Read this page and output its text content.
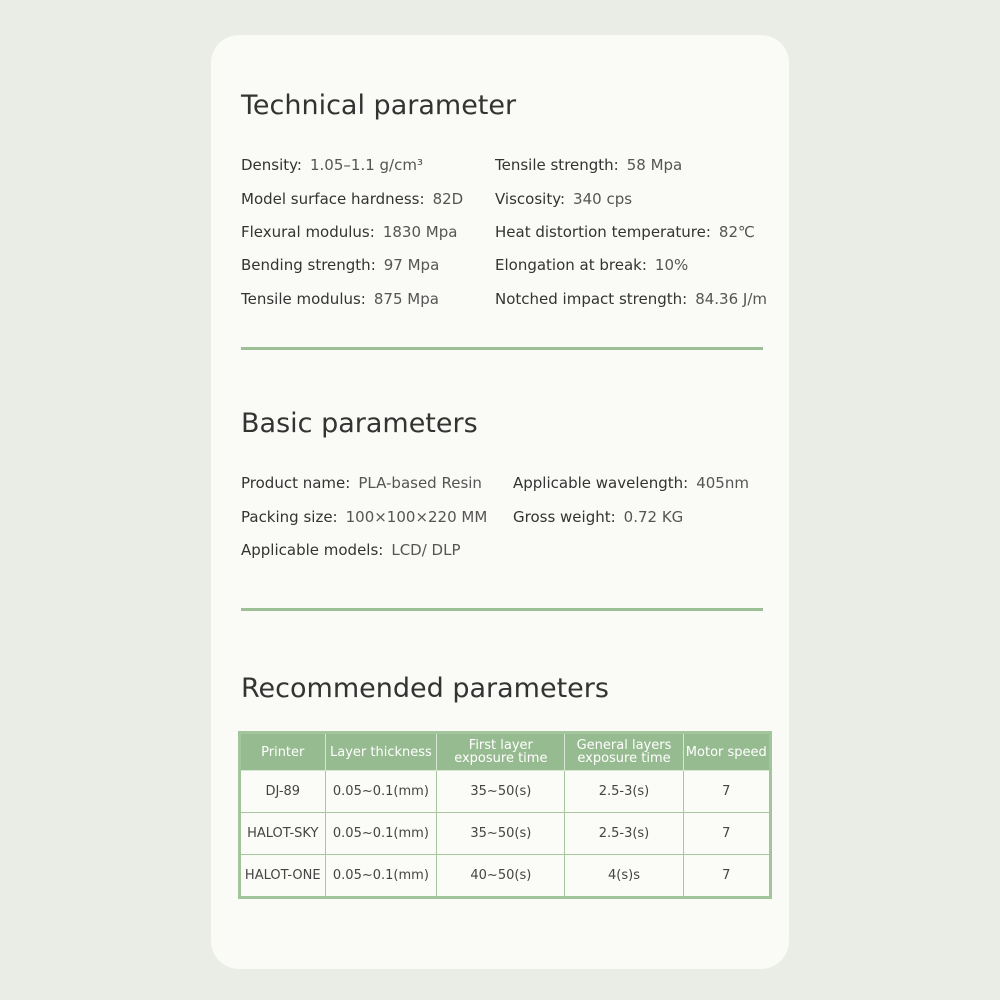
Technical parameter
Density: 1.05–1.1 g/cm³
Model surface hardness: 82D
Flexural modulus: 1830 Mpa
Bending strength: 97 Mpa
Tensile modulus: 875 Mpa
Tensile strength: 58 Mpa
Viscosity: 340 cps
Heat distortion temperature: 82℃
Elongation at break: 10%
Notched impact strength: 84.36 J/m
Basic parameters
Product name: PLA-based Resin
Packing size: 100×100×220 MM
Applicable models: LCD/ DLP
Applicable wavelength: 405nm
Gross weight: 0.72 KG
Recommended parameters
Printer	Layer thickness	First layer exposure time	General layers exposure time	Motor speed
DJ-89	0.05~0.1(mm)	35~50(s)	2.5-3(s)	7
HALOT-SKY	0.05~0.1(mm)	35~50(s)	2.5-3(s)	7
HALOT-ONE	0.05~0.1(mm)	40~50(s)	4(s)s	7
